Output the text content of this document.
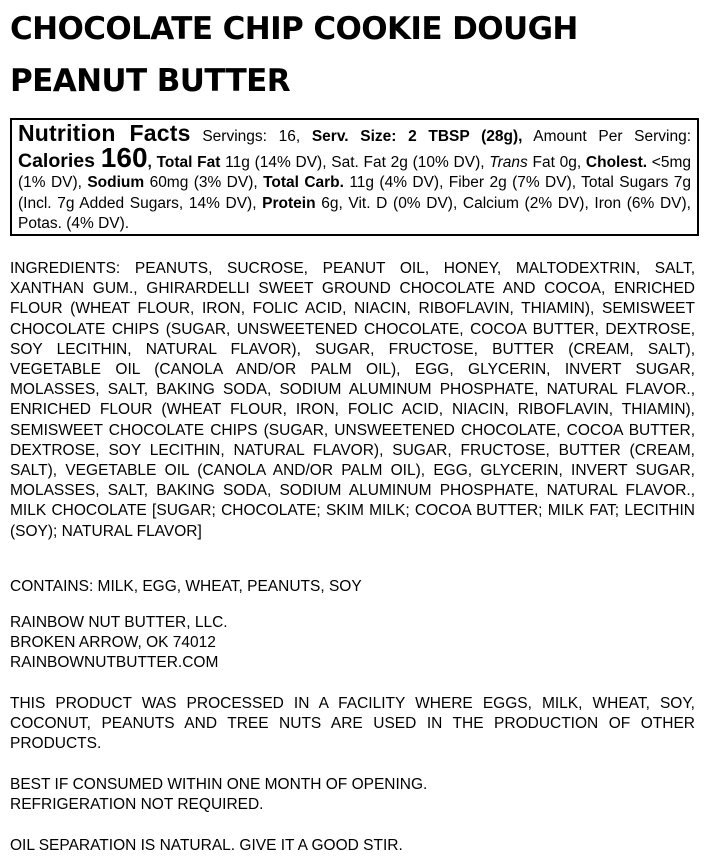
CHOCOLATE CHIP COOKIE DOUGH
PEANUT BUTTER
Nutrition Facts Servings: 16, Serv. Size: 2 TBSP (28g), Amount Per Serving: Calories 160, Total Fat 11g (14% DV), Sat. Fat 2g (10% DV), Trans Fat 0g, Cholest. <5mg (1% DV), Sodium 60mg (3% DV), Total Carb. 11g (4% DV), Fiber 2g (7% DV), Total Sugars 7g (Incl. 7g Added Sugars, 14% DV), Protein 6g, Vit. D (0% DV), Calcium (2% DV), Iron (6% DV), Potas. (4% DV).
INGREDIENTS: PEANUTS, SUCROSE, PEANUT OIL, HONEY, MALTODEXTRIN, SALT, XANTHAN GUM., GHIRARDELLI SWEET GROUND CHOCOLATE AND COCOA, ENRICHED FLOUR (WHEAT FLOUR, IRON, FOLIC ACID, NIACIN, RIBOFLAVIN, THIAMIN), SEMISWEET CHOCOLATE CHIPS (SUGAR, UNSWEETENED CHOCOLATE, COCOA BUTTER, DEXTROSE, SOY LECITHIN, NATURAL FLAVOR), SUGAR, FRUCTOSE, BUTTER (CREAM, SALT), VEGETABLE OIL (CANOLA AND/OR PALM OIL), EGG, GLYCERIN, INVERT SUGAR, MOLASSES, SALT, BAKING SODA, SODIUM ALUMINUM PHOSPHATE, NATURAL FLAVOR., ENRICHED FLOUR (WHEAT FLOUR, IRON, FOLIC ACID, NIACIN, RIBOFLAVIN, THIAMIN), SEMISWEET CHOCOLATE CHIPS (SUGAR, UNSWEETENED CHOCOLATE, COCOA BUTTER, DEXTROSE, SOY LECITHIN, NATURAL FLAVOR), SUGAR, FRUCTOSE, BUTTER (CREAM, SALT), VEGETABLE OIL (CANOLA AND/OR PALM OIL), EGG, GLYCERIN, INVERT SUGAR, MOLASSES, SALT, BAKING SODA, SODIUM ALUMINUM PHOSPHATE, NATURAL FLAVOR., MILK CHOCOLATE [SUGAR; CHOCOLATE; SKIM MILK; COCOA BUTTER; MILK FAT; LECITHIN (SOY); NATURAL FLAVOR]
CONTAINS: MILK, EGG, WHEAT, PEANUTS, SOY
RAINBOW NUT BUTTER, LLC.
BROKEN ARROW, OK 74012
RAINBOWNUTBUTTER.COM
THIS PRODUCT WAS PROCESSED IN A FACILITY WHERE EGGS, MILK, WHEAT, SOY, COCONUT, PEANUTS AND TREE NUTS ARE USED IN THE PRODUCTION OF OTHER PRODUCTS.
BEST IF CONSUMED WITHIN ONE MONTH OF OPENING.
REFRIGERATION NOT REQUIRED.
OIL SEPARATION IS NATURAL. GIVE IT A GOOD STIR.
